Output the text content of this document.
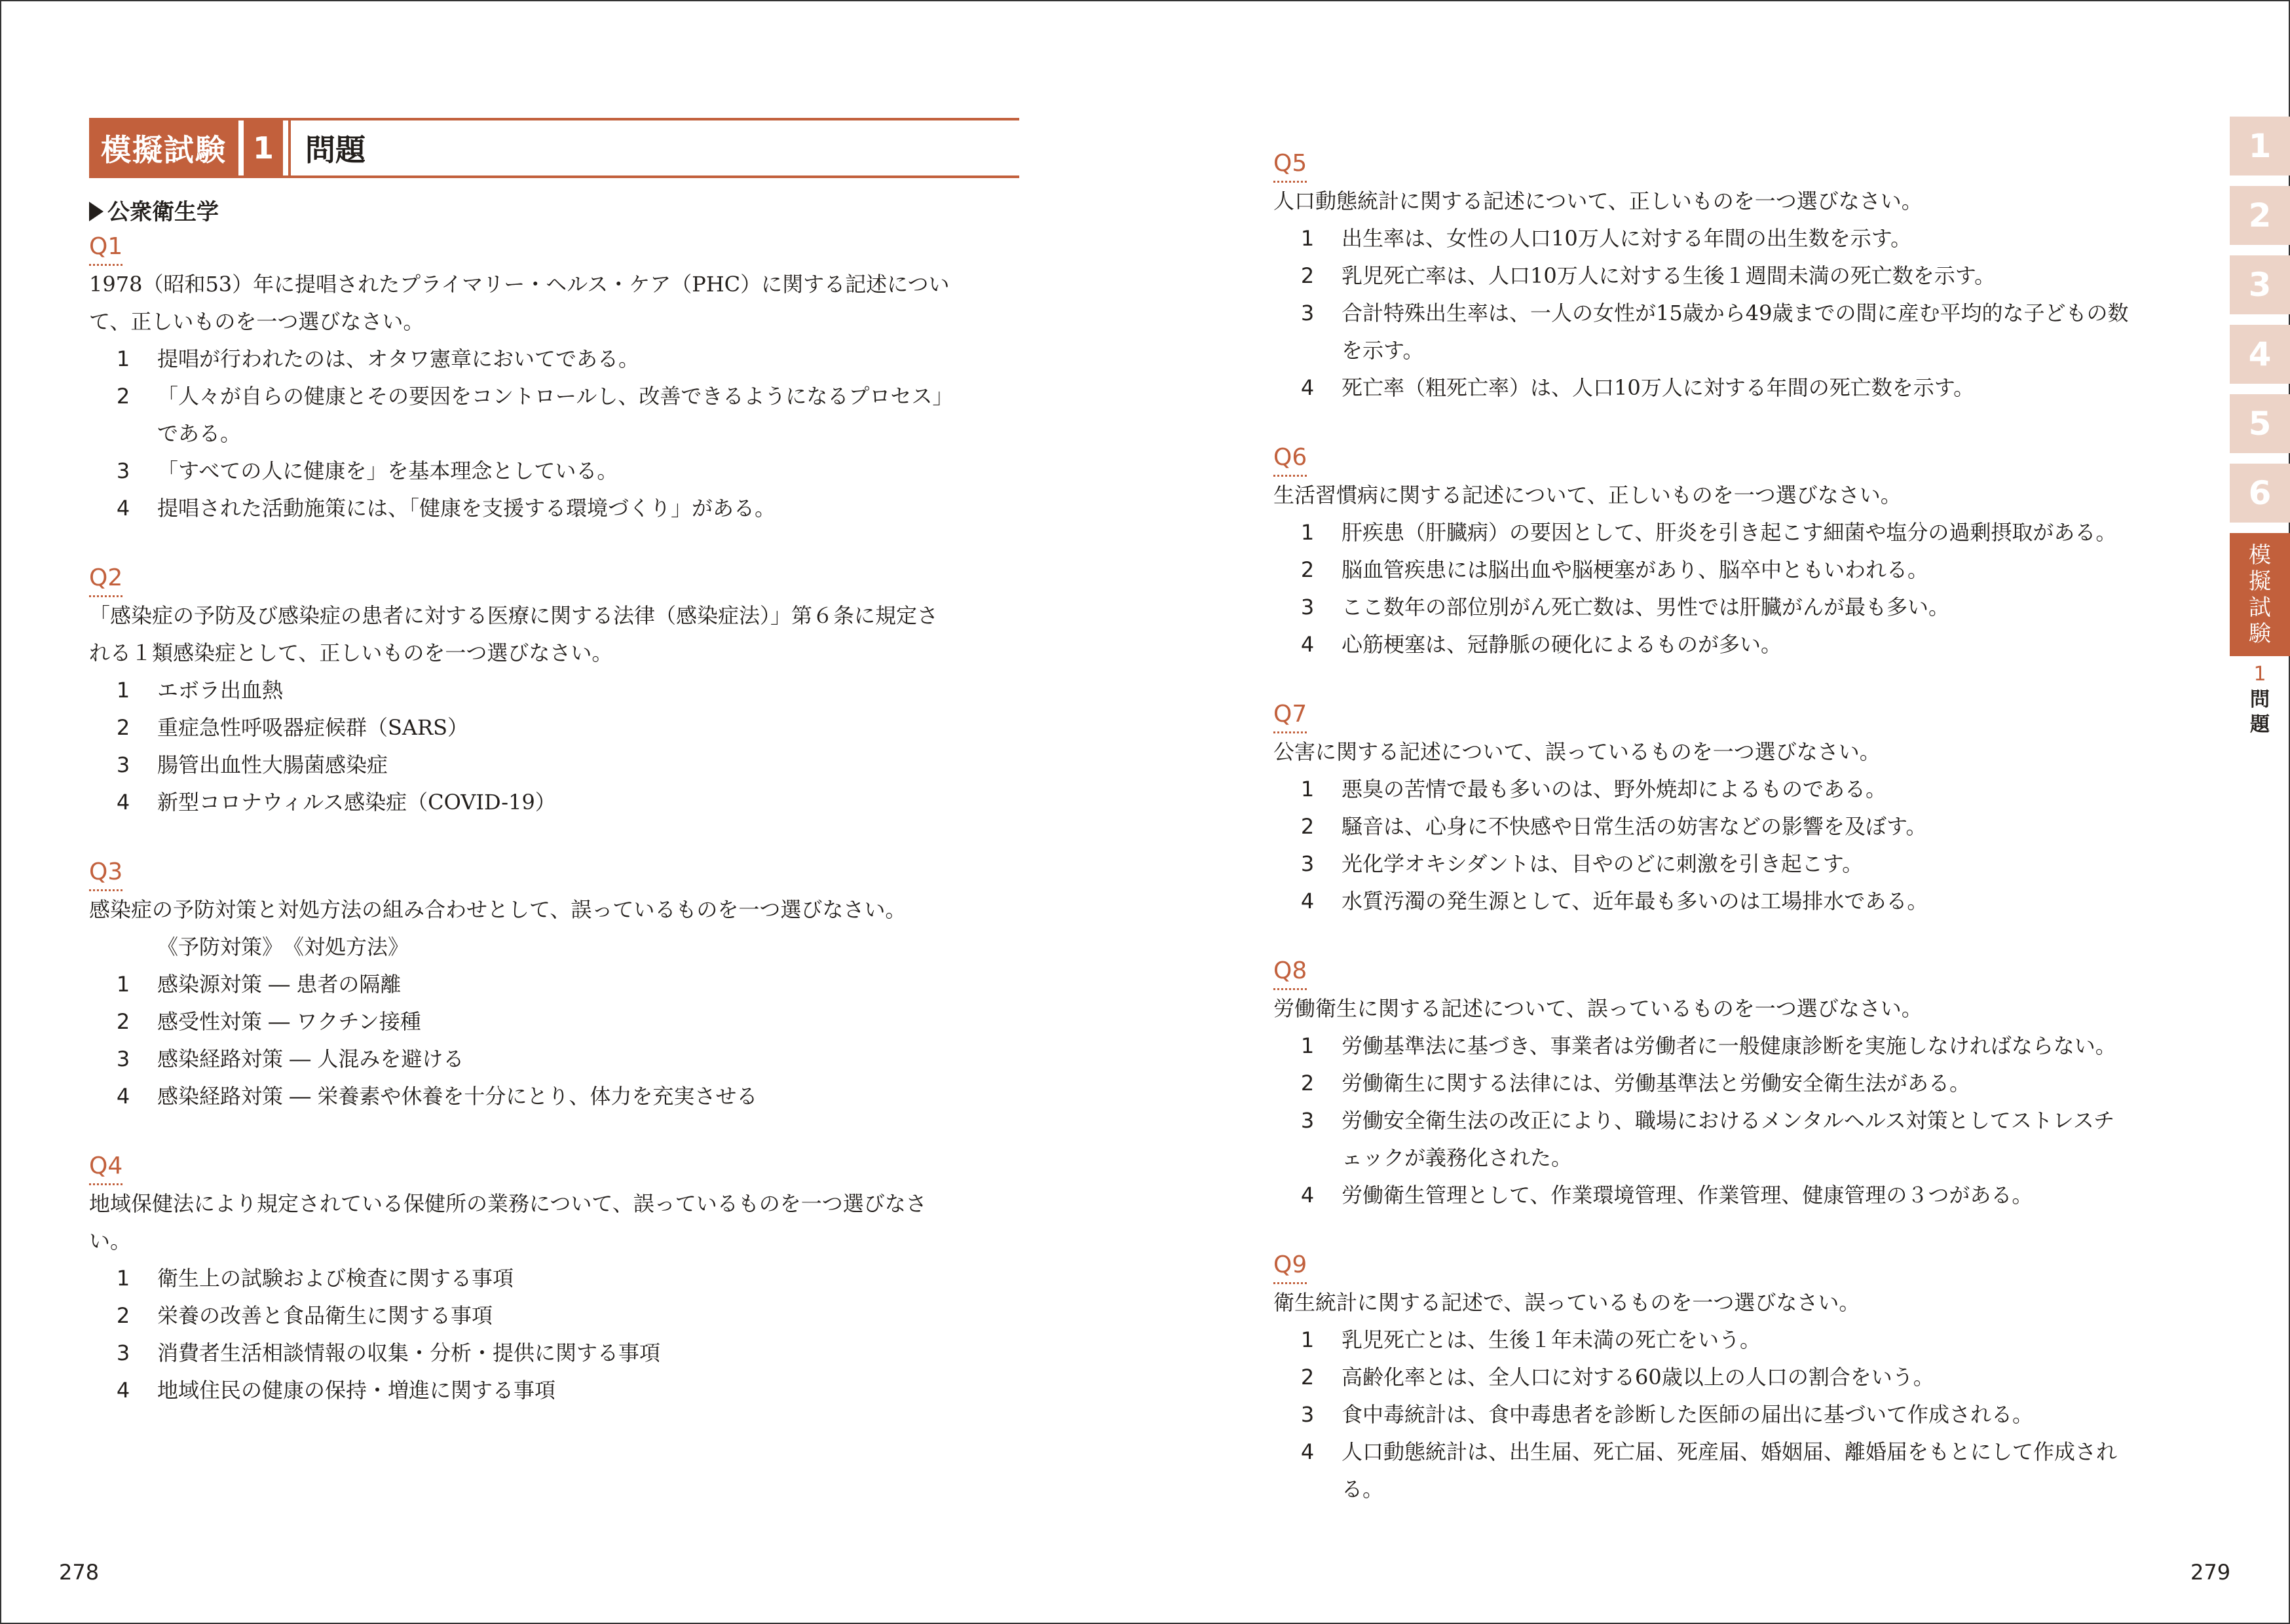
模擬試験 1	問題
公衆衛生学
Q1
1978（昭和53）年に提唱されたプライマリー・ヘルス・ケア（PHC）に関する記述につい
て、正しいものを一つ選びなさい。
1	提唱が行われたのは、オタワ憲章においてである。
2	「人々が自らの健康とその要因をコントロールし、改善できるようになるプロセス」
である。
3	「すべての人に健康を」を基本理念としている。
4	提唱された活動施策には、「健康を支援する環境づくり」がある。
Q2
「感染症の予防及び感染症の患者に対する医療に関する法律（感染症法）」第６条に規定さ
れる１類感染症として、正しいものを一つ選びなさい。
1	エボラ出血熱
2	重症急性呼吸器症候群（SARS）
3	腸管出血性大腸菌感染症
4	新型コロナウィルス感染症（COVID-19）
Q3
感染症の予防対策と対処方法の組み合わせとして、誤っているものを一つ選びなさい。
《予防対策》　《対処方法》
1	感染源対策 ― 患者の隔離
2	感受性対策 ― ワクチン接種
3	感染経路対策 ― 人混みを避ける
4	感染経路対策 ― 栄養素や休養を十分にとり、体力を充実させる
Q4
地域保健法により規定されている保健所の業務について、誤っているものを一つ選びなさ
い。
1	衛生上の試験および検査に関する事項
2	栄養の改善と食品衛生に関する事項
3	消費者生活相談情報の収集・分析・提供に関する事項
4	地域住民の健康の保持・増進に関する事項
Q5
人口動態統計に関する記述について、正しいものを一つ選びなさい。
1	出生率は、女性の人口10万人に対する年間の出生数を示す。
2	乳児死亡率は、人口10万人に対する生後１週間未満の死亡数を示す。
3	合計特殊出生率は、一人の女性が15歳から49歳までの間に産む平均的な子どもの数
を示す。
4	死亡率（粗死亡率）は、人口10万人に対する年間の死亡数を示す。
Q6
生活習慣病に関する記述について、正しいものを一つ選びなさい。
1	肝疾患（肝臓病）の要因として、肝炎を引き起こす細菌や塩分の過剰摂取がある。
2	脳血管疾患には脳出血や脳梗塞があり、脳卒中ともいわれる。
3	ここ数年の部位別がん死亡数は、男性では肝臓がんが最も多い。
4	心筋梗塞は、冠静脈の硬化によるものが多い。
Q7
公害に関する記述について、誤っているものを一つ選びなさい。
1	悪臭の苦情で最も多いのは、野外焼却によるものである。
2	騒音は、心身に不快感や日常生活の妨害などの影響を及ぼす。
3	光化学オキシダントは、目やのどに刺激を引き起こす。
4	水質汚濁の発生源として、近年最も多いのは工場排水である。
Q8
労働衛生に関する記述について、誤っているものを一つ選びなさい。
1	労働基準法に基づき、事業者は労働者に一般健康診断を実施しなければならない。
2	労働衛生に関する法律には、労働基準法と労働安全衛生法がある。
3	労働安全衛生法の改正により、職場におけるメンタルヘルス対策としてストレスチ
ェックが義務化された。
4	労働衛生管理として、作業環境管理、作業管理、健康管理の３つがある。
Q9
衛生統計に関する記述で、誤っているものを一つ選びなさい。
1	乳児死亡とは、生後１年未満の死亡をいう。
2	高齢化率とは、全人口に対する60歳以上の人口の割合をいう。
3	食中毒統計は、食中毒患者を診断した医師の届出に基づいて作成される。
4	人口動態統計は、出生届、死亡届、死産届、婚姻届、離婚届をもとにして作成され
る。
278	279
1
2
3
4
5
6
模
擬
試
験
1
問
題
